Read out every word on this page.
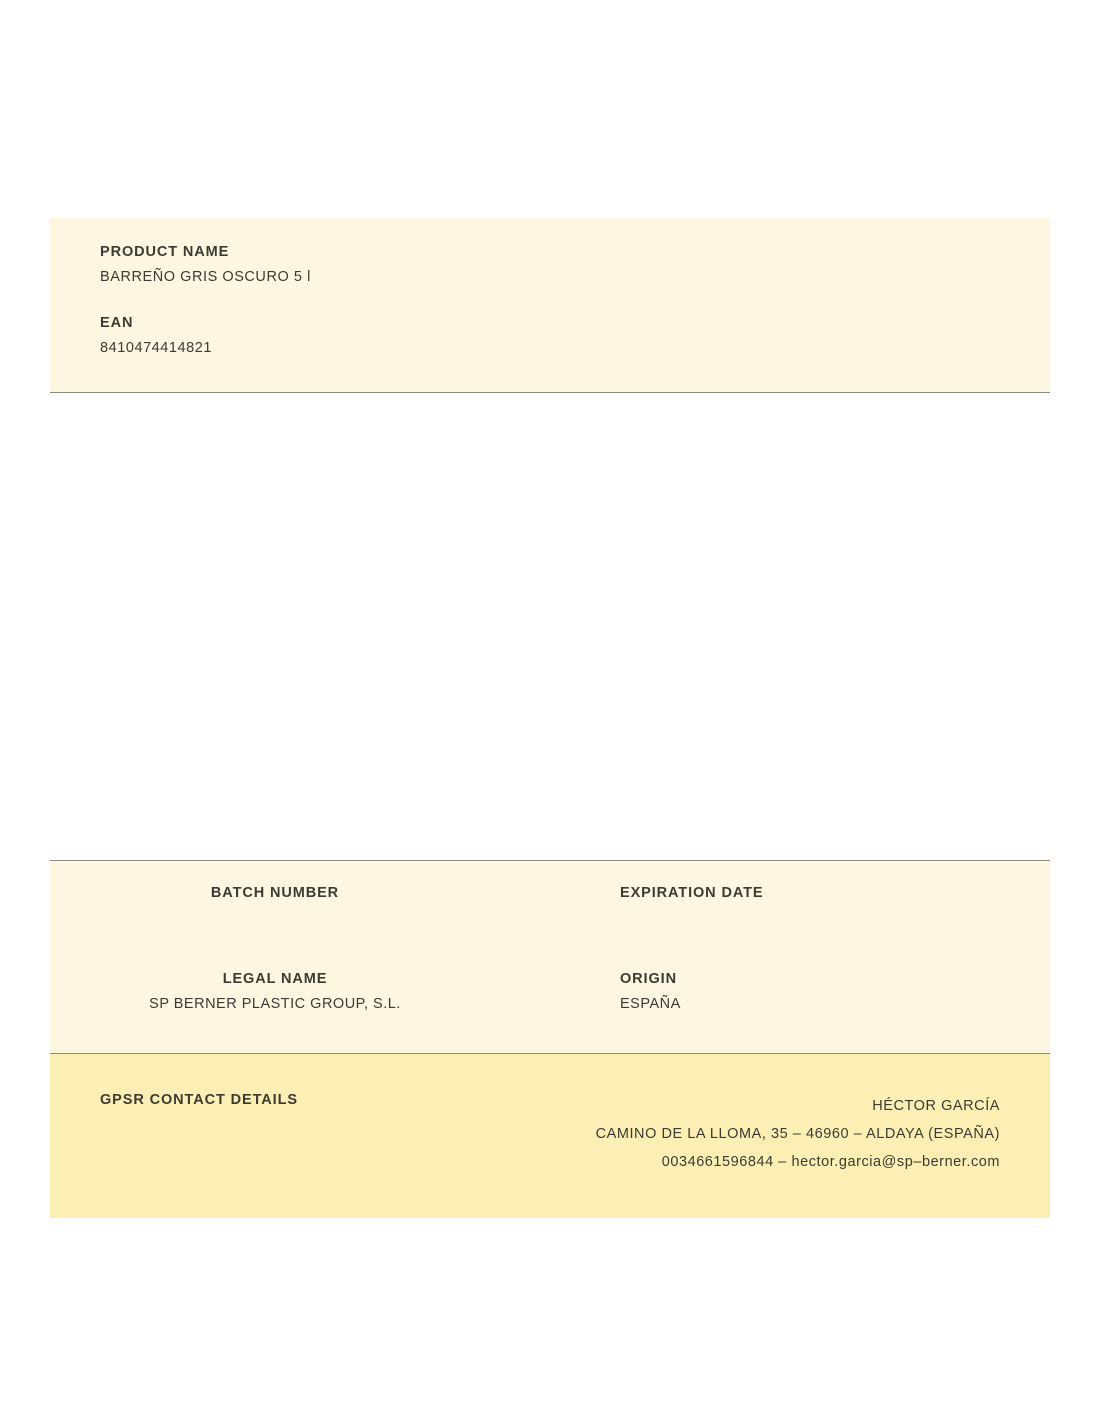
PRODUCT NAME
BARREÑO GRIS OSCURO 5 l
EAN
8410474414821
BATCH NUMBER	EXPIRATION DATE
LEGAL NAME
SP BERNER PLASTIC GROUP, S.L.
ORIGIN
ESPAÑA
GPSR CONTACT DETAILS	HÉCTOR GARCÍA
CAMINO DE LA LLOMA, 35 – 46960 – ALDAYA (ESPAÑA)
0034661596844 – hector.garcia@sp–berner.com
